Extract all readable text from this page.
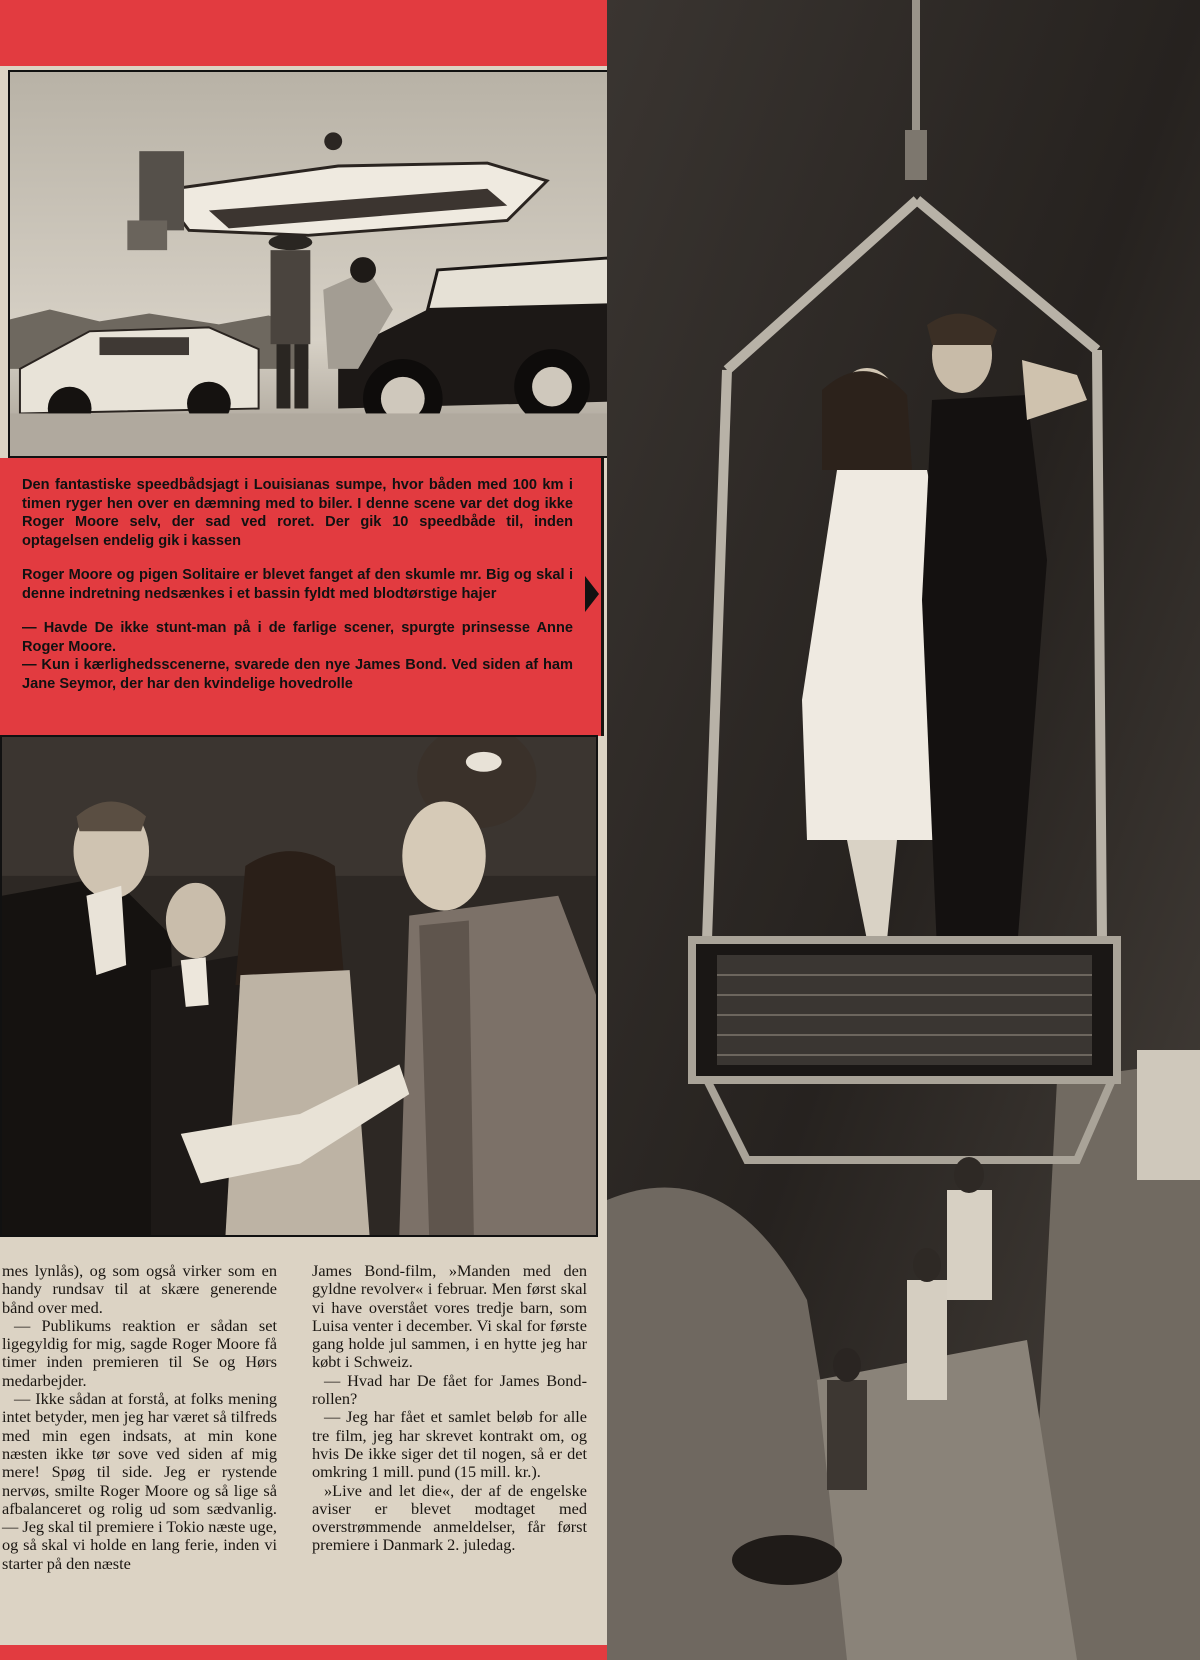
Den fantastiske speedbådsjagt i Louisianas sumpe, hvor båden med 100 km i timen ryger hen over en dæmning med to biler. I denne scene var det dog ikke Roger Moore selv, der sad ved roret. Der gik 10 speedbåde til, inden optagelsen endelig gik i kassen

Roger Moore og pigen Solitaire er blevet fanget af den skumle mr. Big og skal i denne indretning nedsænkes i et bassin fyldt med blodtørstige hajer

— Havde De ikke stunt-man på i de farlige scener, spurgte prinsesse Anne Roger Moore.

— Kun i kærlighedsscenerne, svarede den nye James Bond. Ved siden af ham Jane Seymor, der har den kvindelige hovedrolle

mes lynlås), og som også virker som en handy rundsav til at skære generende bånd over med.

— Publikums reaktion er sådan set ligegyldig for mig, sagde Roger Moore få timer inden premieren til Se og Hørs medarbejder.

— Ikke sådan at forstå, at folks mening intet betyder, men jeg har været så tilfreds med min egen indsats, at min kone næsten ikke tør sove ved siden af mig mere! Spøg til side. Jeg er rystende nervøs, smilte Roger Moore og så lige så afbalanceret og rolig ud som sædvanlig. — Jeg skal til premiere i Tokio næste uge, og så skal vi holde en lang ferie, inden vi starter på den næste

James Bond-film, »Manden med den gyldne revolver« i februar. Men først skal vi have overstået vores tredje barn, som Luisa venter i december. Vi skal for første gang holde jul sammen, i en hytte jeg har købt i Schweiz.

— Hvad har De fået for James Bond-rollen?

— Jeg har fået et samlet beløb for alle tre film, jeg har skrevet kontrakt om, og hvis De ikke siger det til nogen, så er det omkring 1 mill. pund (15 mill. kr.).

»Live and let die«, der af de engelske aviser er blevet modtaget med overstrømmende anmeldelser, får først premiere i Danmark 2. juledag.
